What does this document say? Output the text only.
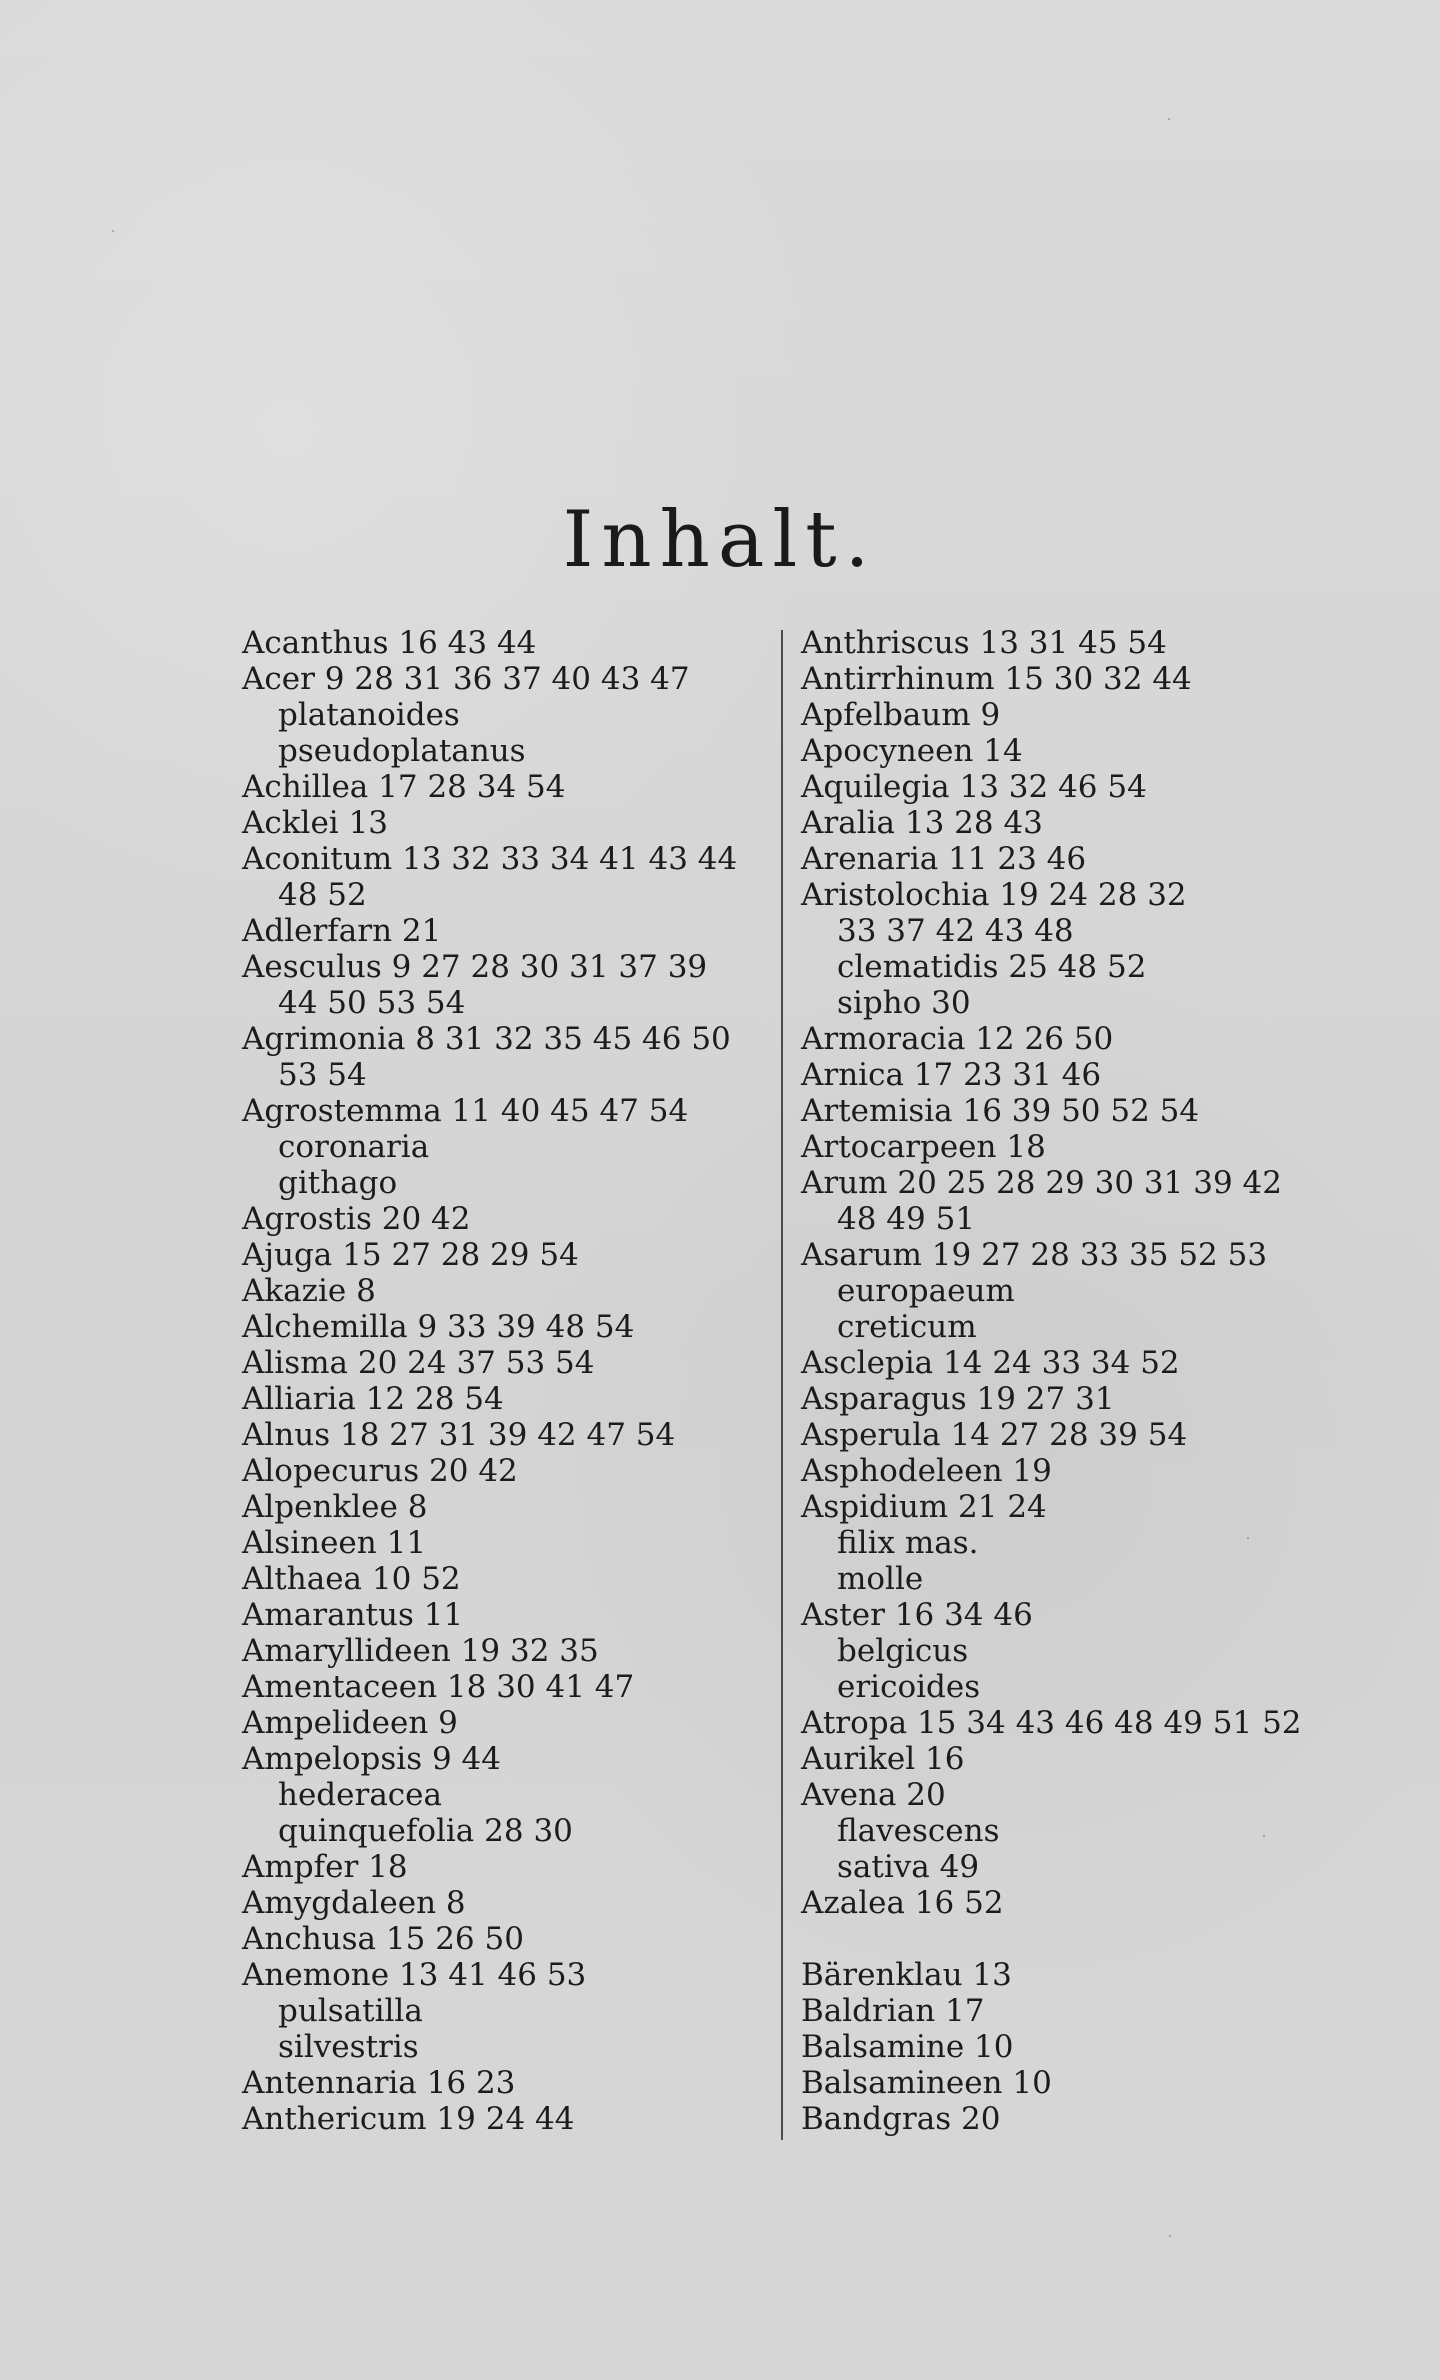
Inhalt.
Acanthus 16 43 44
Acer 9 28 31 36 37 40 43 47
platanoides
pseudoplatanus
Achillea 17 28 34 54
Acklei 13
Aconitum 13 32 33 34 41 43 44
48 52
Adlerfarn 21
Aesculus 9 27 28 30 31 37 39
44 50 53 54
Agrimonia 8 31 32 35 45 46 50
53 54
Agrostemma 11 40 45 47 54
coronaria
githago
Agrostis 20 42
Ajuga 15 27 28 29 54
Akazie 8
Alchemilla 9 33 39 48 54
Alisma 20 24 37 53 54
Alliaria 12 28 54
Alnus 18 27 31 39 42 47 54
Alopecurus 20 42
Alpenklee 8
Alsineen 11
Althaea 10 52
Amarantus 11
Amaryllideen 19 32 35
Amentaceen 18 30 41 47
Ampelideen 9
Ampelopsis 9 44
hederacea
quinquefolia 28 30
Ampfer 18
Amygdaleen 8
Anchusa 15 26 50
Anemone 13 41 46 53
pulsatilla
silvestris
Antennaria 16 23
Anthericum 19 24 44
Anthriscus 13 31 45 54
Antirrhinum 15 30 32 44
Apfelbaum 9
Apocyneen 14
Aquilegia 13 32 46 54
Aralia 13 28 43
Arenaria 11 23 46
Aristolochia 19 24 28 32
33 37 42 43 48
clematidis 25 48 52
sipho 30
Armoracia 12 26 50
Arnica 17 23 31 46
Artemisia 16 39 50 52 54
Artocarpeen 18
Arum 20 25 28 29 30 31 39 42
48 49 51
Asarum 19 27 28 33 35 52 53
europaeum
creticum
Asclepia 14 24 33 34 52
Asparagus 19 27 31
Asperula 14 27 28 39 54
Asphodeleen 19
Aspidium 21 24
filix mas.
molle
Aster 16 34 46
belgicus
ericoides
Atropa 15 34 43 46 48 49 51 52
Aurikel 16
Avena 20
flavescens
sativa 49
Azalea 16 52
Bärenklau 13
Baldrian 17
Balsamine 10
Balsamineen 10
Bandgras 20
